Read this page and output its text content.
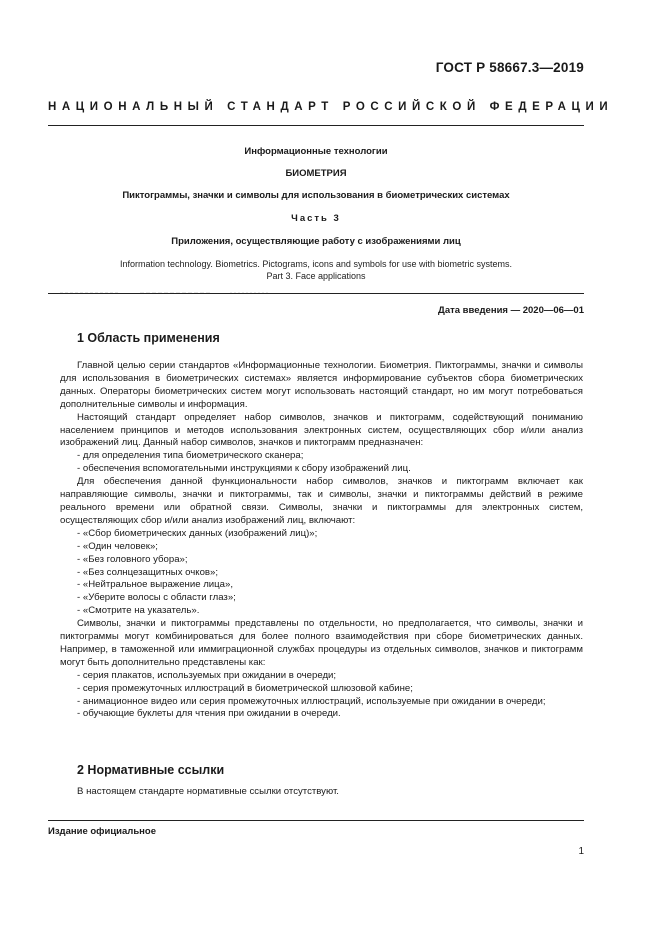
ГОСТ Р 58667.3—2019
НАЦИОНАЛЬНЫЙ СТАНДАРТ РОССИЙСКОЙ ФЕДЕРАЦИИ
Информационные технологии
БИОМЕТРИЯ
Пиктограммы, значки и символы для использования в биометрических системах
Часть 3
Приложения, осуществляющие работу с изображениями лиц
Information technology. Biometrics. Pictograms, icons and symbols for use with biometric systems.
Part 3. Face applications
Дата введения — 2020—06—01
1 Область применения

Главной целью серии стандартов «Информационные технологии. Биометрия. Пиктограммы, значки и символы для использования в биометрических системах» является информирование субъектов сбора биометрических данных. Операторы биометрических систем могут использовать настоящий стандарт, но им могут потребоваться дополнительные символы и информация.

Настоящий стандарт определяет набор символов, значков и пиктограмм, содействующий пониманию населением принципов и методов использования электронных систем, осуществляющих сбор и/или анализ изображений лиц. Данный набор символов, значков и пиктограмм предназначен:

- для определения типа биометрического сканера;

- обеспечения вспомогательными инструкциями к сбору изображений лиц.

Для обеспечения данной функциональности набор символов, значков и пиктограмм включает как направляющие символы, значки и пиктограммы, так и символы, значки и пиктограммы действий в режиме реального времени или обратной связи. Символы, значки и пиктограммы для электронных систем, осуществляющих сбор и/или анализ изображений лиц, включают:

- «Сбор биометрических данных (изображений лиц)»;

- «Один человек»;

- «Без головного убора»;

- «Без солнцезащитных очков»;

- «Нейтральное выражение лица»,

- «Уберите волосы с области глаз»;

- «Смотрите на указатель».

Символы, значки и пиктограммы представлены по отдельности, но предполагается, что символы, значки и пиктограммы могут комбинироваться для более полного взаимодействия при сборе биометрических данных. Например, в таможенной или иммиграционной службах процедуры из отдельных символов, значков и пиктограмм могут быть дополнительно представлены как:

- серия плакатов, используемых при ожидании в очереди;

- серия промежуточных иллюстраций в биометрической шлюзовой кабине;

- анимационное видео или серия промежуточных иллюстраций, используемые при ожидании в очереди;

- обучающие буклеты для чтения при ожидании в очереди.

2 Нормативные ссылки

В настоящем стандарте нормативные ссылки отсутствуют.

Издание официальное
1
